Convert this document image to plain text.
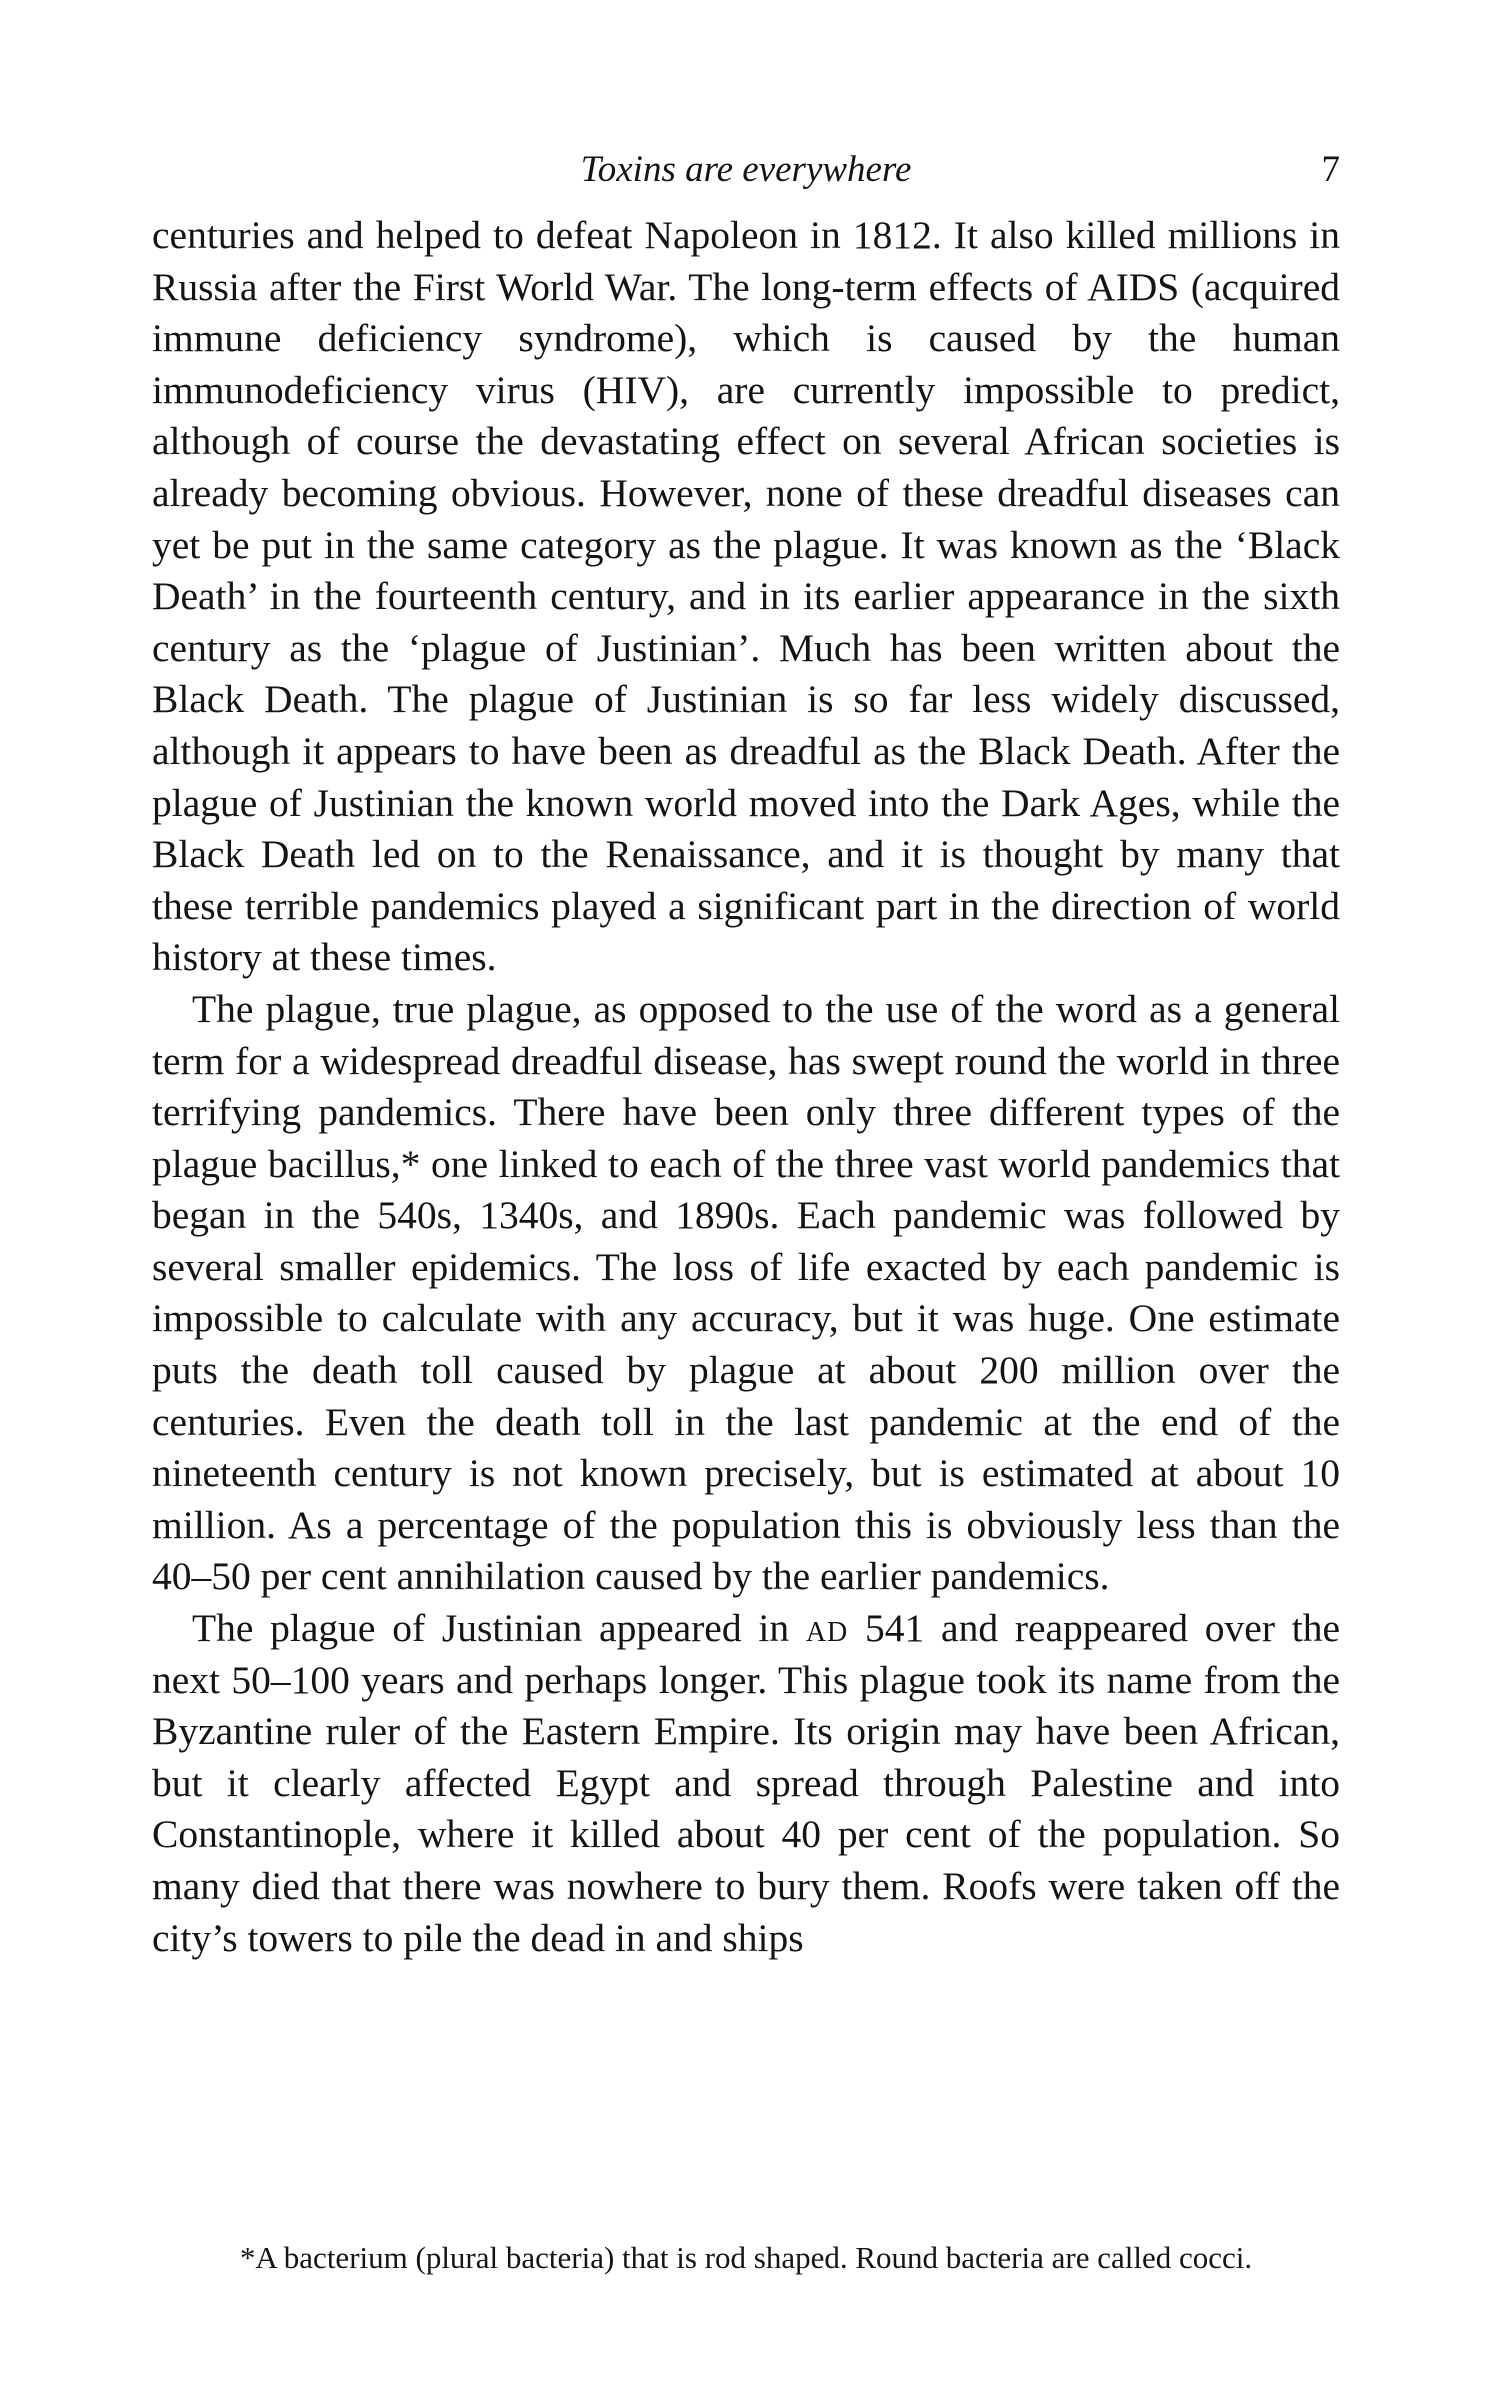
Toxins are everywhere	7

centuries and helped to defeat Napoleon in 1812. It also killed millions in Russia after the First World War. The long-term effects of AIDS (acquired immune deficiency syndrome), which is caused by the human immunodeficiency virus (HIV), are currently impossible to predict, although of course the devastating effect on several African societies is already becoming obvious. However, none of these dreadful diseases can yet be put in the same category as the plague. It was known as the ‘Black Death’ in the fourteenth century, and in its earlier appearance in the sixth century as the ‘plague of Justinian’. Much has been written about the Black Death. The plague of Justinian is so far less widely discussed, although it appears to have been as dreadful as the Black Death. After the plague of Justinian the known world moved into the Dark Ages, while the Black Death led on to the Renaissance, and it is thought by many that these terrible pandemics played a significant part in the direction of world history at these times.

The plague, true plague, as opposed to the use of the word as a general term for a widespread dreadful disease, has swept round the world in three terrifying pandemics. There have been only three different types of the plague bacillus,* one linked to each of the three vast world pandemics that began in the 540s, 1340s, and 1890s. Each pandemic was followed by several smaller epidemics. The loss of life exacted by each pandemic is impossible to calculate with any accuracy, but it was huge. One estimate puts the death toll caused by plague at about 200 million over the centuries. Even the death toll in the last pandemic at the end of the nineteenth century is not known precisely, but is estimated at about 10 million. As a percentage of the population this is obviously less than the 40–50 per cent annihilation caused by the earlier pandemics.

The plague of Justinian appeared in ad 541 and reappeared over the next 50–100 years and perhaps longer. This plague took its name from the Byzantine ruler of the Eastern Empire. Its origin may have been African, but it clearly affected Egypt and spread through Palestine and into Constantinople, where it killed about 40 per cent of the population. So many died that there was nowhere to bury them. Roofs were taken off the city’s towers to pile the dead in and ships

*A bacterium (plural bacteria) that is rod shaped. Round bacteria are called cocci.
